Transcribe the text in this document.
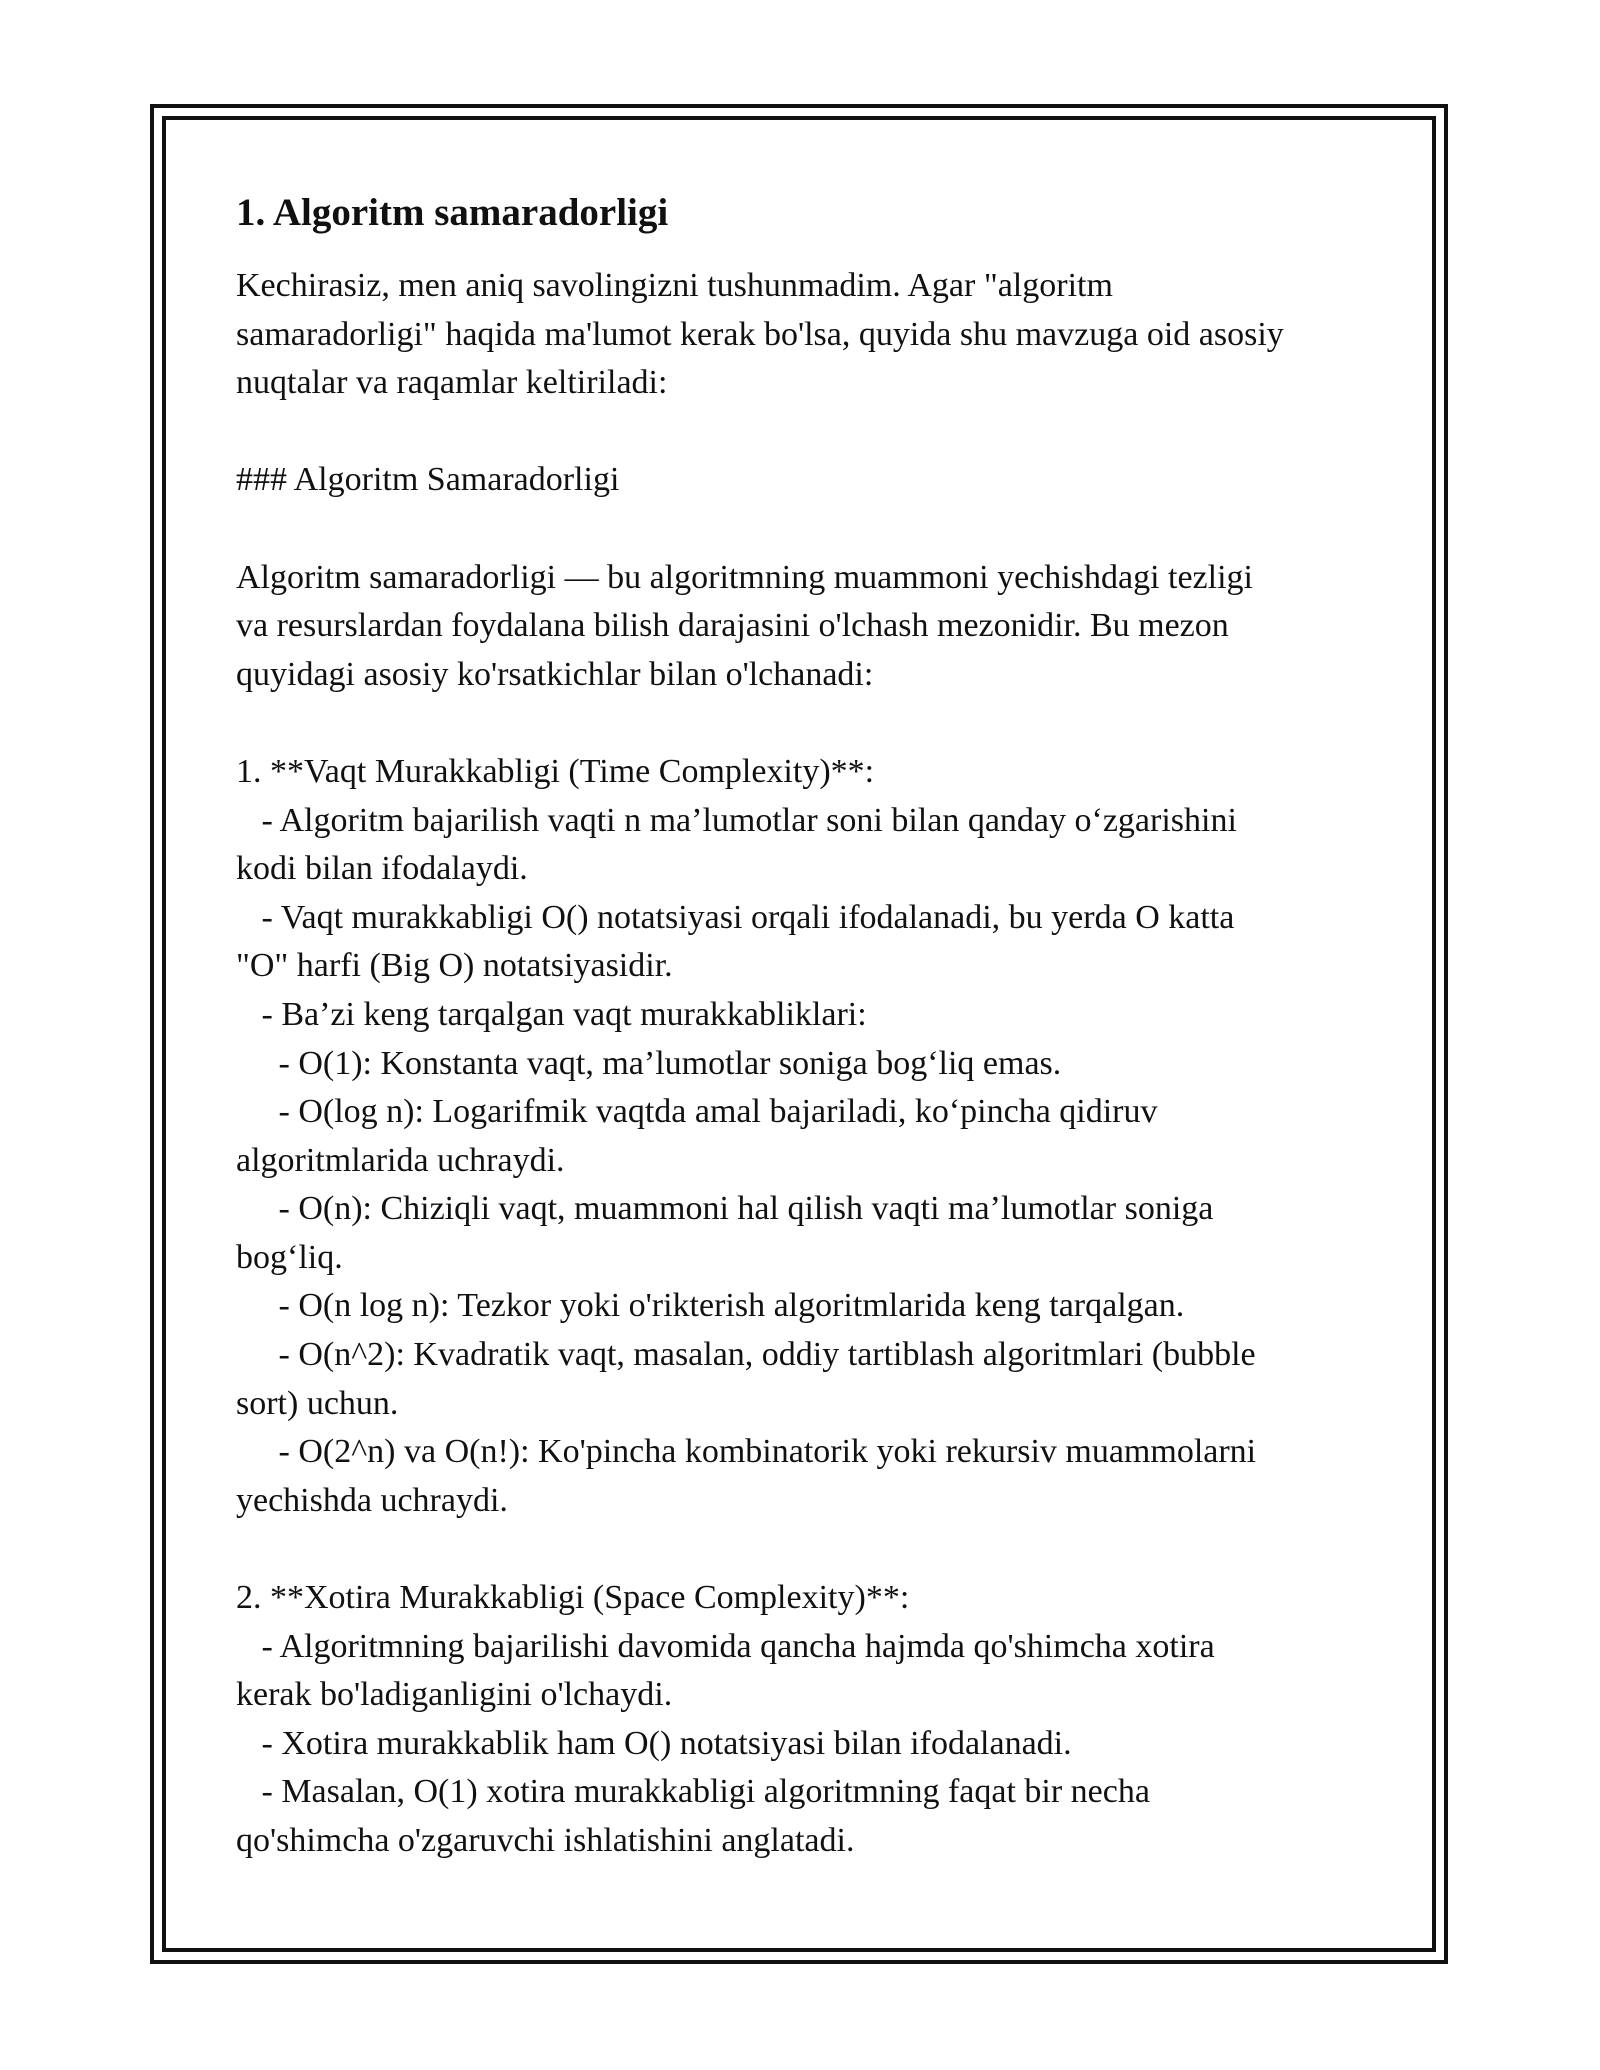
1. Algoritm samaradorligi

Kechirasiz, men aniq savolingizni tushunmadim. Agar "algoritm

samaradorligi" haqida ma'lumot kerak bo'lsa, quyida shu mavzuga oid asosiy

nuqtalar va raqamlar keltiriladi:

### Algoritm Samaradorligi

Algoritm samaradorligi — bu algoritmning muammoni yechishdagi tezligi

va resurslardan foydalana bilish darajasini o'lchash mezonidir. Bu mezon

quyidagi asosiy ko'rsatkichlar bilan o'lchanadi:

1. **Vaqt Murakkabligi (Time Complexity)**:

- Algoritm bajarilish vaqti n ma’lumotlar soni bilan qanday o‘zgarishini

kodi bilan ifodalaydi.

- Vaqt murakkabligi O() notatsiyasi orqali ifodalanadi, bu yerda O katta

"O" harfi (Big O) notatsiyasidir.

- Ba’zi keng tarqalgan vaqt murakkabliklari:

- O(1): Konstanta vaqt, ma’lumotlar soniga bog‘liq emas.

- O(log n): Logarifmik vaqtda amal bajariladi, ko‘pincha qidiruv

algoritmlarida uchraydi.

- O(n): Chiziqli vaqt, muammoni hal qilish vaqti ma’lumotlar soniga

bog‘liq.

- O(n log n): Tezkor yoki o'rikterish algoritmlarida keng tarqalgan.

- O(n^2): Kvadratik vaqt, masalan, oddiy tartiblash algoritmlari (bubble

sort) uchun.

- O(2^n) va O(n!): Ko'pincha kombinatorik yoki rekursiv muammolarni

yechishda uchraydi.

2. **Xotira Murakkabligi (Space Complexity)**:

- Algoritmning bajarilishi davomida qancha hajmda qo'shimcha xotira

kerak bo'ladiganligini o'lchaydi.

- Xotira murakkablik ham O() notatsiyasi bilan ifodalanadi.

- Masalan, O(1) xotira murakkabligi algoritmning faqat bir necha

qo'shimcha o'zgaruvchi ishlatishini anglatadi.
